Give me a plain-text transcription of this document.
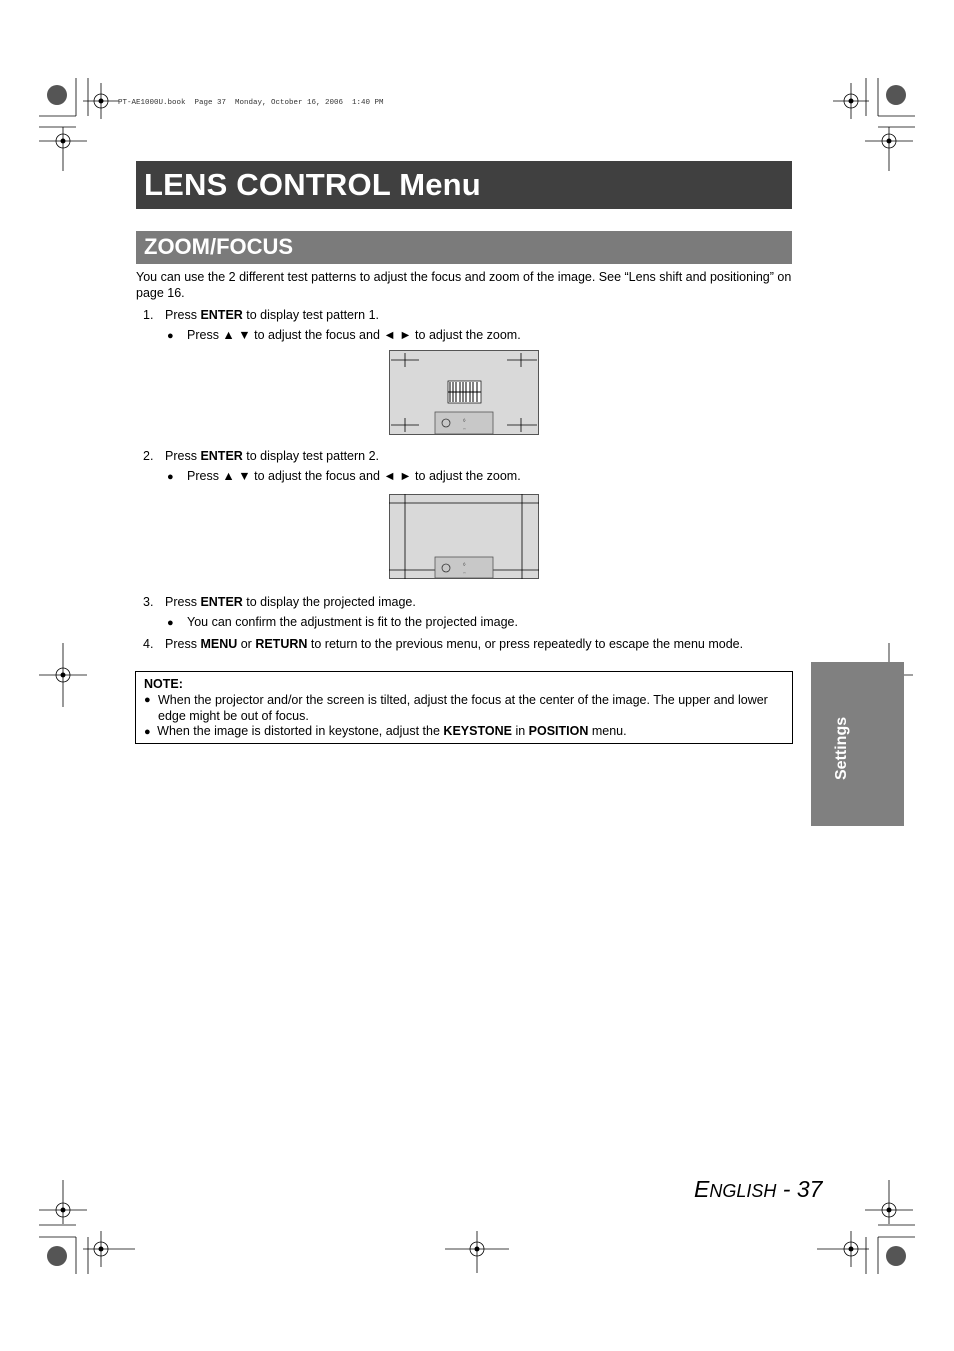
PT-AE1000U.book  Page 37  Monday, October 16, 2006  1:40 PM
LENS CONTROL Menu
ZOOM/FOCUS
You can use the 2 different test patterns to adjust the focus and zoom of the image. See “Lens shift and positioning” on page 16.
1. Press ENTER to display test pattern 1.
● Press ▲ ▼ to adjust the focus and ◄ ► to adjust the zoom.
◊
◦◦
2. Press ENTER to display test pattern 2.
● Press ▲ ▼ to adjust the focus and ◄ ► to adjust the zoom.
◊
◦◦
3. Press ENTER to display the projected image.
● You can confirm the adjustment is fit to the projected image.
4. Press MENU or RETURN to return to the previous menu, or press repeatedly to escape the menu mode.
NOTE:
● When the projector and/or the screen is tilted, adjust the focus at the center of the image. The upper and lower edge might be out of focus.
● When the image is distorted in keystone, adjust the KEYSTONE in POSITION menu.	Settings
ENGLISH - 37
